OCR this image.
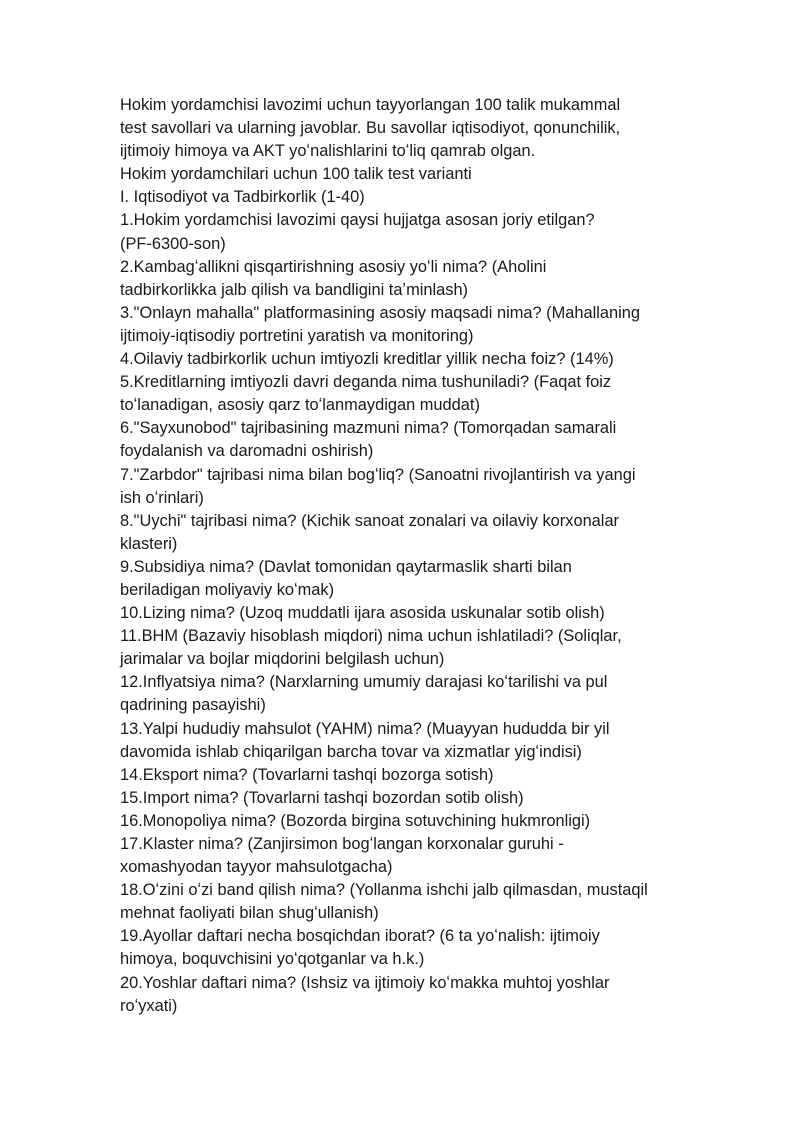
Hokim yordamchisi lavozimi uchun tayyorlangan 100 talik mukammal
test savollari va ularning javoblar. Bu savollar iqtisodiyot, qonunchilik,
ijtimoiy himoya va AKT yoʻnalishlarini toʻliq qamrab olgan.
Hokim yordamchilari uchun 100 talik test varianti
I. Iqtisodiyot va Tadbirkorlik (1-40)
1.Hokim yordamchisi lavozimi qaysi hujjatga asosan joriy etilgan?
(PF-6300-son)
2.Kambagʻallikni qisqartirishning asosiy yoʻli nima? (Aholini
tadbirkorlikka jalb qilish va bandligini taʼminlash)
3."Onlayn mahalla" platformasining asosiy maqsadi nima? (Mahallaning
ijtimoiy-iqtisodiy portretini yaratish va monitoring)
4.Oilaviy tadbirkorlik uchun imtiyozli kreditlar yillik necha foiz? (14%)
5.Kreditlarning imtiyozli davri deganda nima tushuniladi? (Faqat foiz
toʻlanadigan, asosiy qarz toʻlanmaydigan muddat)
6."Sayxunobod" tajribasining mazmuni nima? (Tomorqadan samarali
foydalanish va daromadni oshirish)
7."Zarbdor" tajribasi nima bilan bogʻliq? (Sanoatni rivojlantirish va yangi
ish oʻrinlari)
8."Uychi" tajribasi nima? (Kichik sanoat zonalari va oilaviy korxonalar
klasteri)
9.Subsidiya nima? (Davlat tomonidan qaytarmaslik sharti bilan
beriladigan moliyaviy koʻmak)
10.Lizing nima? (Uzoq muddatli ijara asosida uskunalar sotib olish)
11.BHM (Bazaviy hisoblash miqdori) nima uchun ishlatiladi? (Soliqlar,
jarimalar va bojlar miqdorini belgilash uchun)
12.Inflyatsiya nima? (Narxlarning umumiy darajasi koʻtarilishi va pul
qadrining pasayishi)
13.Yalpi hududiy mahsulot (YAHM) nima? (Muayyan hududda bir yil
davomida ishlab chiqarilgan barcha tovar va xizmatlar yigʻindisi)
14.Eksport nima? (Tovarlarni tashqi bozorga sotish)
15.Import nima? (Tovarlarni tashqi bozordan sotib olish)
16.Monopoliya nima? (Bozorda birgina sotuvchining hukmronligi)
17.Klaster nima? (Zanjirsimon bogʻlangan korxonalar guruhi -
xomashyodan tayyor mahsulotgacha)
18.Oʻzini oʻzi band qilish nima? (Yollanma ishchi jalb qilmasdan, mustaqil
mehnat faoliyati bilan shugʻullanish)
19.Ayollar daftari necha bosqichdan iborat? (6 ta yoʻnalish: ijtimoiy
himoya, boquvchisini yoʻqotganlar va h.k.)
20.Yoshlar daftari nima? (Ishsiz va ijtimoiy koʻmakka muhtoj yoshlar
roʻyxati)
